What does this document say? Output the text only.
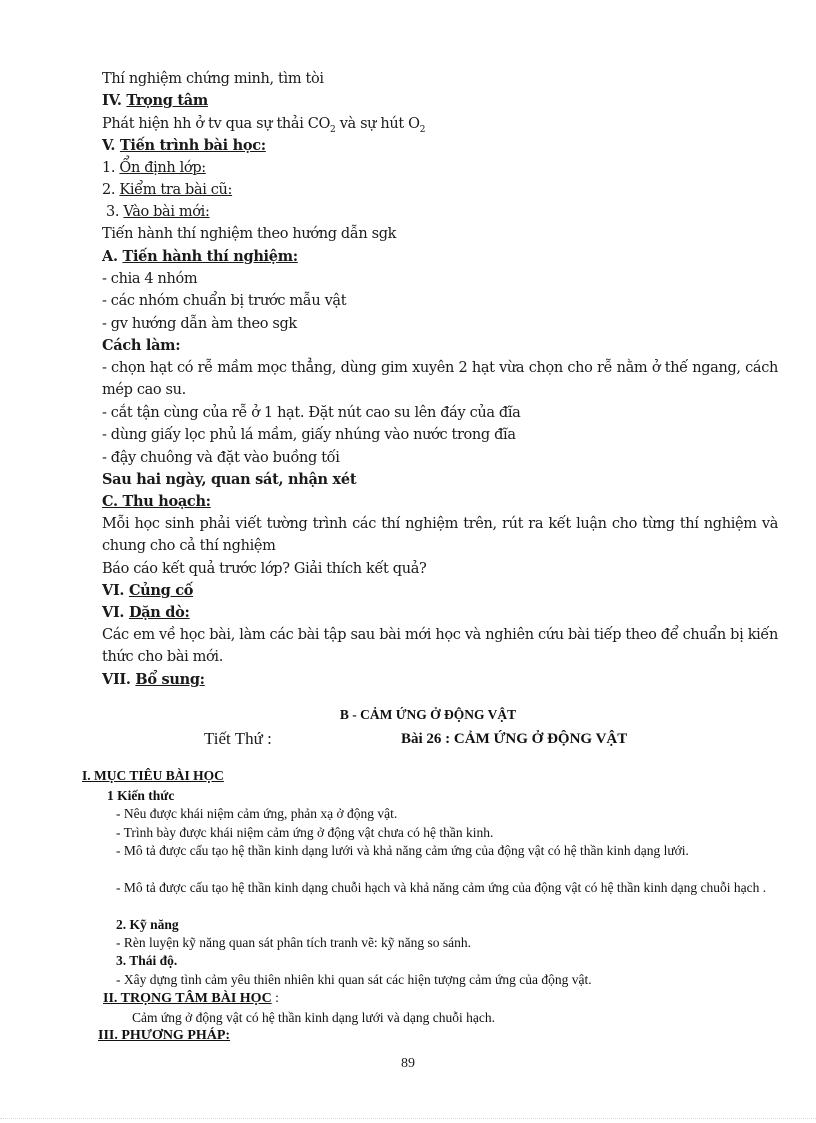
Thí nghiệm chứng minh, tìm tòi
IV. Trọng tâm
Phát hiện hh ở tv qua sự thải $CO_2$ và sự hút $O_2$
V. Tiến trình bài học:
1. Ổn định lớp:
2. Kiểm tra bài cũ:
3. Vào bài mới:
Tiến hành thí nghiệm theo hướng dẫn sgk
A. Tiến hành thí nghiệm:
- chia 4 nhóm
- các nhóm chuẩn bị trước mẫu vật
- gv hướng dẫn àm theo sgk
Cách làm:
- chọn hạt có rễ mầm mọc thẳng, dùng gim xuyên 2 hạt vừa chọn cho rễ nằm ở thế ngang, cách mép cao su.
- cắt tận cùng của rễ ở 1 hạt. Đặt nút cao su lên đáy của đĩa
- dùng giấy lọc phủ lá mầm, giấy nhúng vào nước trong đĩa
- đậy chuông và đặt vào buồng tối
Sau hai ngày, quan sát, nhận xét
C. Thu hoạch:
Mỗi học sinh phải viết tường trình các thí nghiệm trên, rút ra kết luận cho từng thí nghiệm và chung cho cả thí nghiệm
Báo cáo kết quả trước lớp? Giải thích kết quả?
VI. Củng cố
VI. Dặn dò:
Các em về học bài, làm các bài tập sau bài mới học và nghiên cứu bài tiếp theo để chuẩn bị kiến thức cho bài mới.
VII. Bổ sung:
B - CẢM ỨNG Ở ĐỘNG VẬT
Tiết Thứ :	Bài 26 : CẢM ỨNG Ở ĐỘNG VẬT
I. MỤC TIÊU BÀI HỌC
1 Kiến thức
- Nêu được khái niệm cảm ứng, phản xạ ở động vật.
- Trình bày được khái niệm cảm ứng ở động vật chưa có hệ thần kinh.
- Mô tả được cấu tạo hệ thần kinh dạng lưới và khả năng cảm ứng của động vật có hệ thần kinh dạng lưới.
- Mô tả được cấu tạo hệ thần kinh dạng chuỗi hạch và khả năng cảm ứng của động vật có hệ thần kinh dạng chuỗi hạch .
2. Kỹ năng
- Rèn luyện kỹ năng quan sát phân tích tranh vẽ: kỹ năng so sánh.
3. Thái độ.
- Xây dựng tình cảm yêu thiên nhiên khi quan sát các hiện tượng cảm ứng của động vật.
II. TRỌNG TÂM BÀI HỌC :
Cảm ứng ở động vật có hệ thần kinh dạng lưới và dạng chuỗi hạch.
III. PHƯƠNG PHÁP:
89
